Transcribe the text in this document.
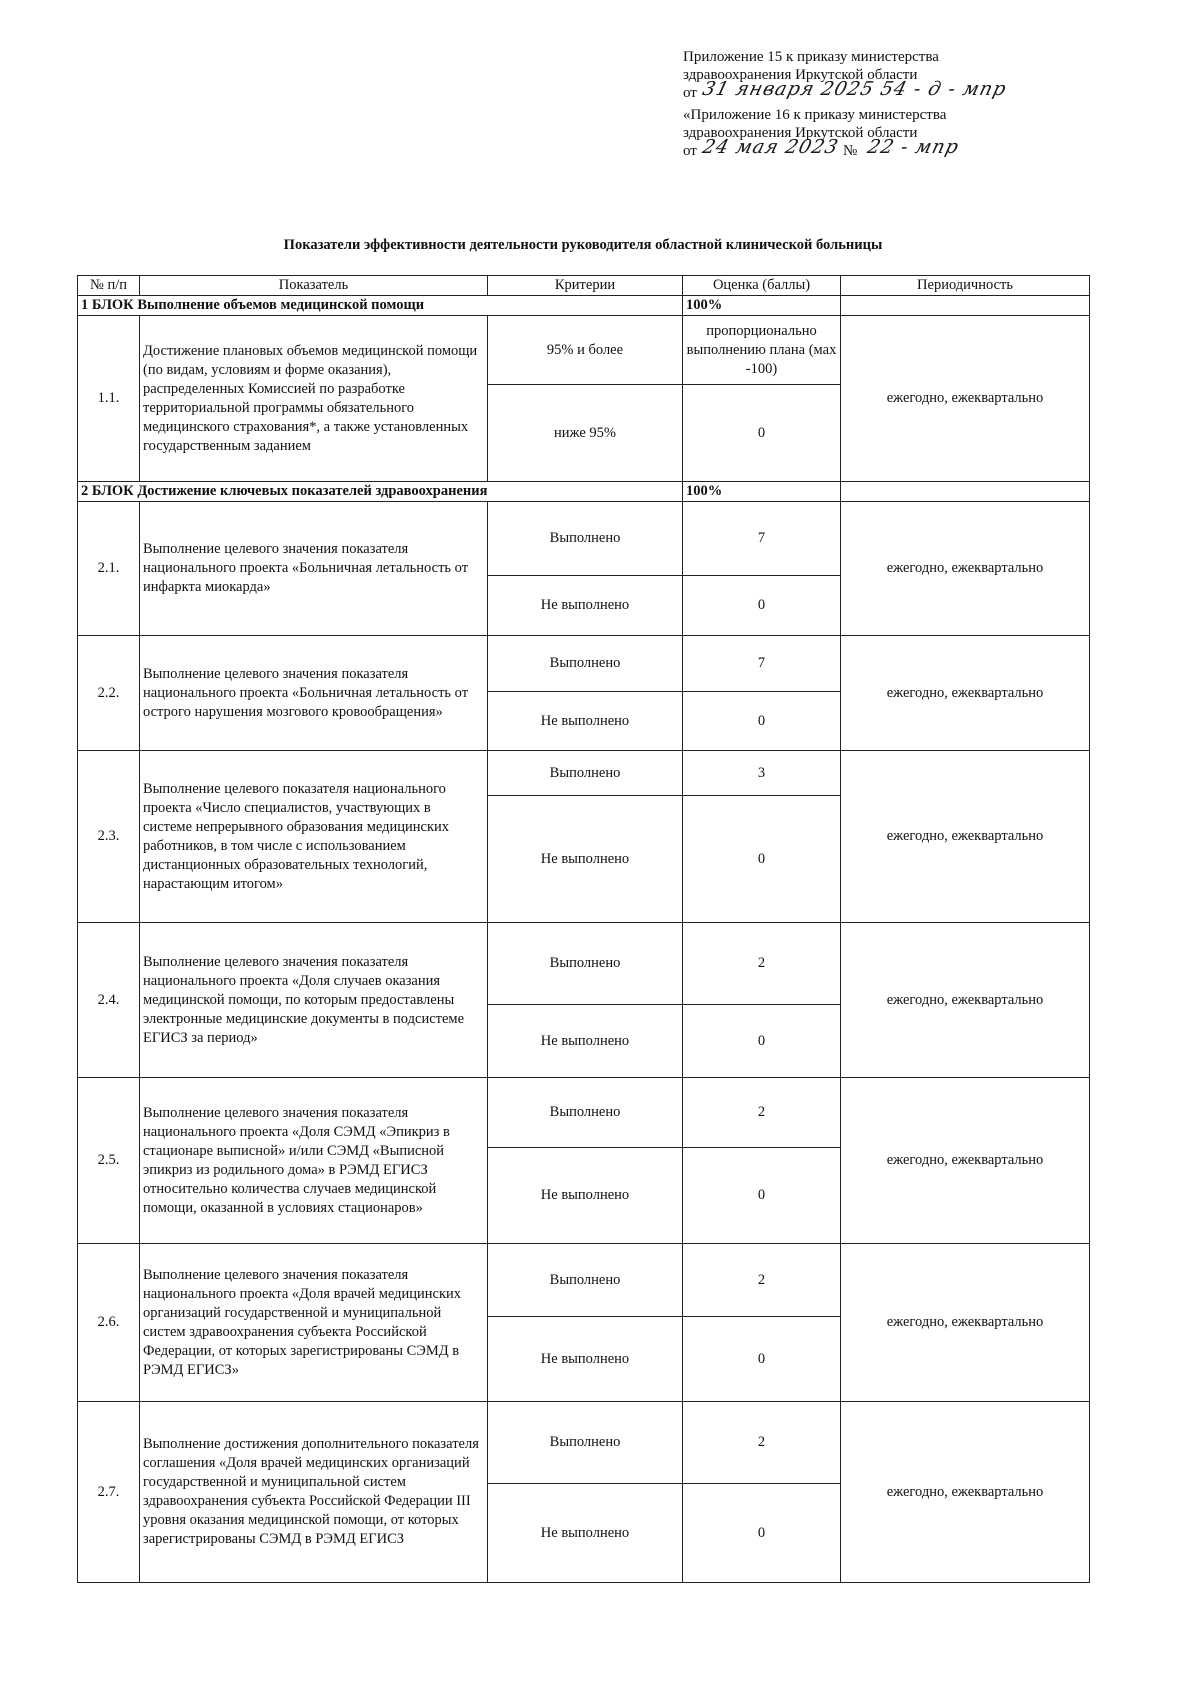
Приложение 15 к приказу министерства
здравоохранения Иркутской области
от 31 января 2025 54 - д - мпр
«Приложение 16 к приказу министерства
здравоохранения Иркутской области
от 24 мая 2023 № 22 - мпр
Показатели эффективности деятельности руководителя областной клинической больницы
№ п/п	Показатель	Критерии	Оценка (баллы)	Периодичность
1 БЛОК Выполнение объемов медицинской помощи			100%	
1.1.	Достижение плановых объемов медицинской помощи (по видам, условиям и форме оказания), распределенных Комиссией по разработке территориальной программы обязательного медицинского страхования*, а также установленных государственным заданием	95% и более	пропорционально выполнению плана (мах -100)	ежегодно, ежеквартально
		ниже 95%	0	
2 БЛОК Достижение ключевых показателей здравоохранения			100%	
2.1.	Выполнение целевого значения показателя национального проекта «Больничная летальность от инфаркта миокарда»	Выполнено	7	ежегодно, ежеквартально
		Не выполнено	0	
2.2.	Выполнение целевого значения показателя национального проекта «Больничная летальность от острого нарушения мозгового кровообращения»	Выполнено	7	ежегодно, ежеквартально
		Не выполнено	0	
2.3.	Выполнение целевого показателя национального проекта «Число специалистов, участвующих в системе непрерывного образования медицинских работников, в том числе с использованием дистанционных образовательных технологий, нарастающим итогом»	Выполнено	3	ежегодно, ежеквартально
		Не выполнено	0	
2.4.	Выполнение целевого значения показателя национального проекта «Доля случаев оказания медицинской помощи, по которым предоставлены электронные медицинские документы в подсистеме ЕГИСЗ за период»	Выполнено	2	ежегодно, ежеквартально
		Не выполнено	0	
2.5.	Выполнение целевого значения показателя национального проекта «Доля СЭМД «Эпикриз в стационаре выписной» и/или СЭМД «Выписной эпикриз из родильного дома» в РЭМД ЕГИСЗ относительно количества случаев медицинской помощи, оказанной в условиях стационаров»	Выполнено	2	ежегодно, ежеквартально
		Не выполнено	0	
2.6.	Выполнение целевого значения показателя национального проекта «Доля врачей медицинских организаций государственной и муниципальной систем здравоохранения субъекта Российской Федерации, от которых зарегистрированы СЭМД в РЭМД ЕГИСЗ»	Выполнено	2	ежегодно, ежеквартально
		Не выполнено	0	
2.7.	Выполнение достижения дополнительного показателя соглашения «Доля врачей медицинских организаций государственной и муниципальной систем здравоохранения субъекта Российской Федерации III уровня оказания медицинской помощи, от которых зарегистрированы СЭМД в РЭМД ЕГИСЗ	Выполнено	2	ежегодно, ежеквартально
		Не выполнено	0	
